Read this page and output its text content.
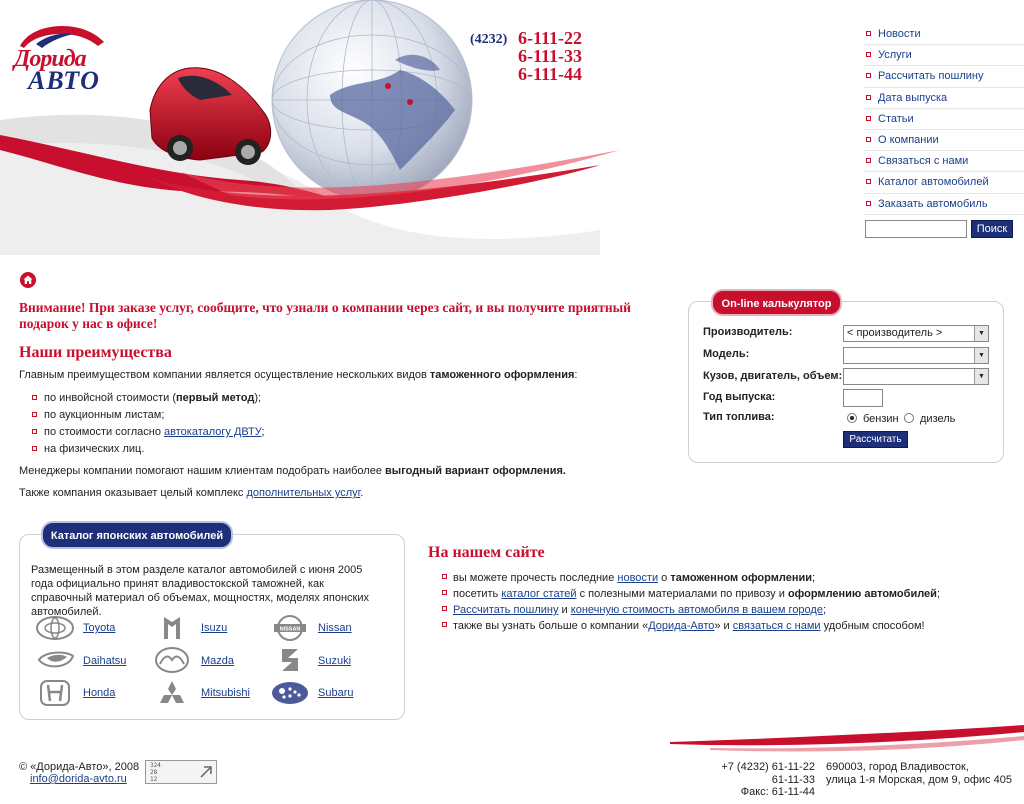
Дорида
АВТО
(4232) 6-111-22
6-111-33
6-111-44
Новости
Услуги
Рассчитать пошлину
Дата выпуска
Статьи
О компании
Связаться с нами
Каталог автомобилей
Заказать автомобиль
Поиск
Внимание! При заказе услуг, сообщите, что узнали о компании через сайт, и вы получите приятный подарок у нас в офисе!
Наши преимущества
Главным преимуществом компании является осуществление нескольких видов таможенного оформления:
по инвойсной стоимости (первый метод);
по аукционным листам;
по стоимости согласно автокаталогу ДВТУ;
на физических лиц.
Менеджеры компании помогают нашим клиентам подобрать наиболее выгодный вариант оформления.
Также компания оказывает целый комплекс дополнительных услуг.
On-line калькулятор
Производитель:	< производитель >	▼
Модель:	▼
Кузов, двигатель, объем:	▼
Год выпуска:
Тип топлива:	бензин дизель
Рассчитать
Каталог японских автомобилей
Размещенный в этом разделе каталог автомобилей с июня 2005 года официально принят владивостокской таможней, как справочный материал об объемах, мощностях, моделях японских автомобилей.
Toyota	Isuzu	NISSAN Nissan
Daihatsu	Mazda	Suzuki
Honda	Mitsubishi	Subaru
На нашем сайте
вы можете прочесть последние новости о таможенном оформлении;
посетить каталог статей с полезными материалами по привозу и оформлению автомобилей;
Рассчитать пошлину и конечную стоимость автомобиля в вашем городе;
также вы узнать больше о компании «Дорида-Авто» и связаться с нами удобным способом!
© «Дорида-Авто», 2008
info@dorida-avto.ru
324
28
12
+7 (4232) 61-11-22
61-11-33
Факс: 61-11-44
690003, город Владивосток,
улица 1-я Морская, дом 9, офис 405
